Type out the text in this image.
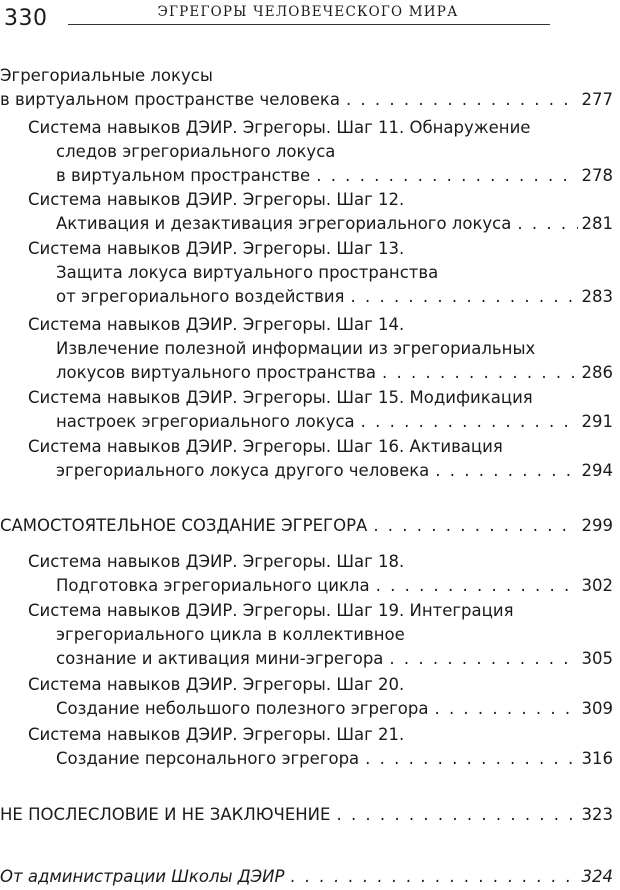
330	ЭГРЕГОРЫ ЧЕЛОВЕЧЕСКОГО МИРА
Эгрегориальные локусы
в виртуальном пространстве человека . . .	277
Система навыков ДЭИР. Эгрегоры. Шаг 11. Обнаружение
следов эгрегориального локуса
в виртуальном пространстве . . .	278
Система навыков ДЭИР. Эгрегоры. Шаг 12.
Активация и дезактивация эгрегориального локуса . . .	281
Система навыков ДЭИР. Эгрегоры. Шаг 13.
Защита локуса виртуального пространства
от эгрегориального воздействия . . .	283
Система навыков ДЭИР. Эгрегоры. Шаг 14.
Извлечение полезной информации из эгрегориальных
локусов виртуального пространства . . .	286
Система навыков ДЭИР. Эгрегоры. Шаг 15. Модификация
настроек эгрегориального локуса . . .	291
Система навыков ДЭИР. Эгрегоры. Шаг 16. Активация
эгрегориального локуса другого человека . . .	294
САМОСТОЯТЕЛЬНОЕ СОЗДАНИЕ ЭГРЕГОРА . . .	299
Система навыков ДЭИР. Эгрегоры. Шаг 18.
Подготовка эгрегориального цикла . . .	302
Система навыков ДЭИР. Эгрегоры. Шаг 19. Интеграция
эгрегориального цикла в коллективное
сознание и активация мини-эгрегора . . .	305
Система навыков ДЭИР. Эгрегоры. Шаг 20.
Создание небольшого полезного эгрегора . . .	309
Система навыков ДЭИР. Эгрегоры. Шаг 21.
Создание персонального эгрегора . . .	316
НЕ ПОСЛЕСЛОВИЕ И НЕ ЗАКЛЮЧЕНИЕ . . .	323
От администрации Школы ДЭИР . . .	324
